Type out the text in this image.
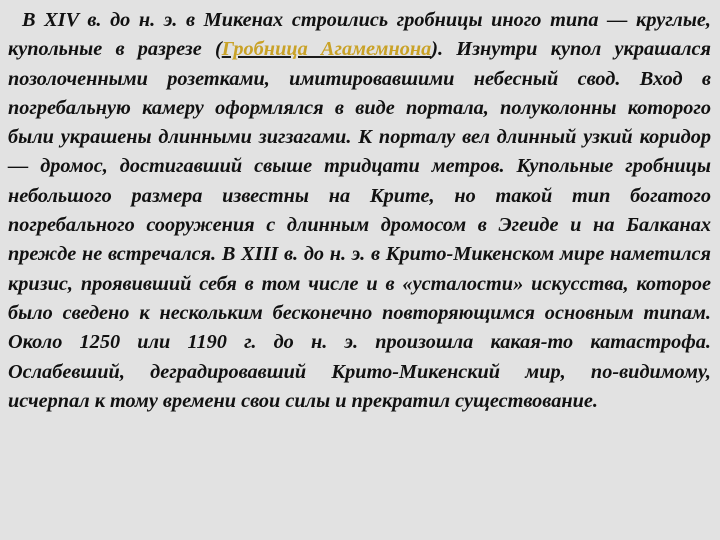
В XIV в. до н. э. в Микенах строились гробницы иного типа — круглые, купольные в разрезе (Гробница Агамемнона). Изнутри купол украшался позолоченными розетками, имитировавшими небесный свод. Вход в погребальную камеру оформлялся в виде портала, полуколонны которого были украшены длинными зигзагами. К порталу вел длинный узкий коридор — дромос, достигавший свыше тридцати метров. Купольные гробницы небольшого размера известны на Крите, но такой тип богатого погребального сооружения с длинным дромосом в Эгеиде и на Балканах прежде не встречался. В XIII в. до н. э. в Крито-Микенском мире наметился кризис, проявивший себя в том числе и в «усталости» искусства, которое было сведено к нескольким бесконечно повторяющимся основным типам. Около 1250 или 1190 г. до н. э. произошла какая-то катастрофа. Ослабевший, деградировавший Крито-Микенский мир, по-видимому, исчерпал к тому времени свои силы и прекратил существование.
